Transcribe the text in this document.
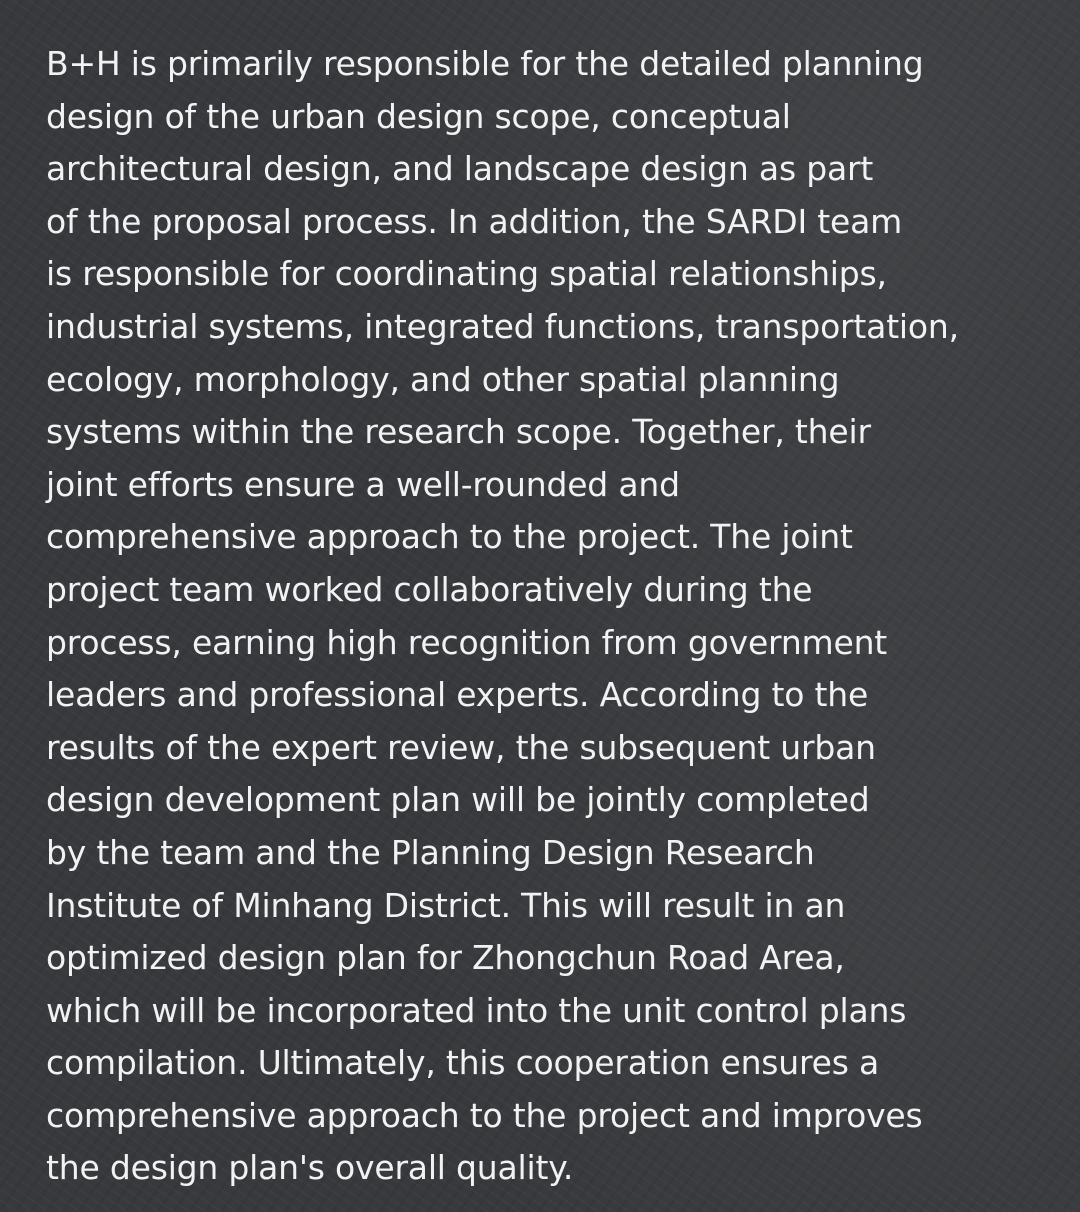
B+H is primarily responsible for the detailed planning
design of the urban design scope, conceptual
architectural design, and landscape design as part
of the proposal process. In addition, the SARDI team
is responsible for coordinating spatial relationships,
industrial systems, integrated functions, transportation,
ecology, morphology, and other spatial planning
systems within the research scope. Together, their
joint efforts ensure a well-rounded and
comprehensive approach to the project. The joint
project team worked collaboratively during the
process, earning high recognition from government
leaders and professional experts. According to the
results of the expert review, the subsequent urban
design development plan will be jointly completed
by the team and the Planning Design Research
Institute of Minhang District. This will result in an
optimized design plan for Zhongchun Road Area,
which will be incorporated into the unit control plans
compilation. Ultimately, this cooperation ensures a
comprehensive approach to the project and improves
the design plan's overall quality.
